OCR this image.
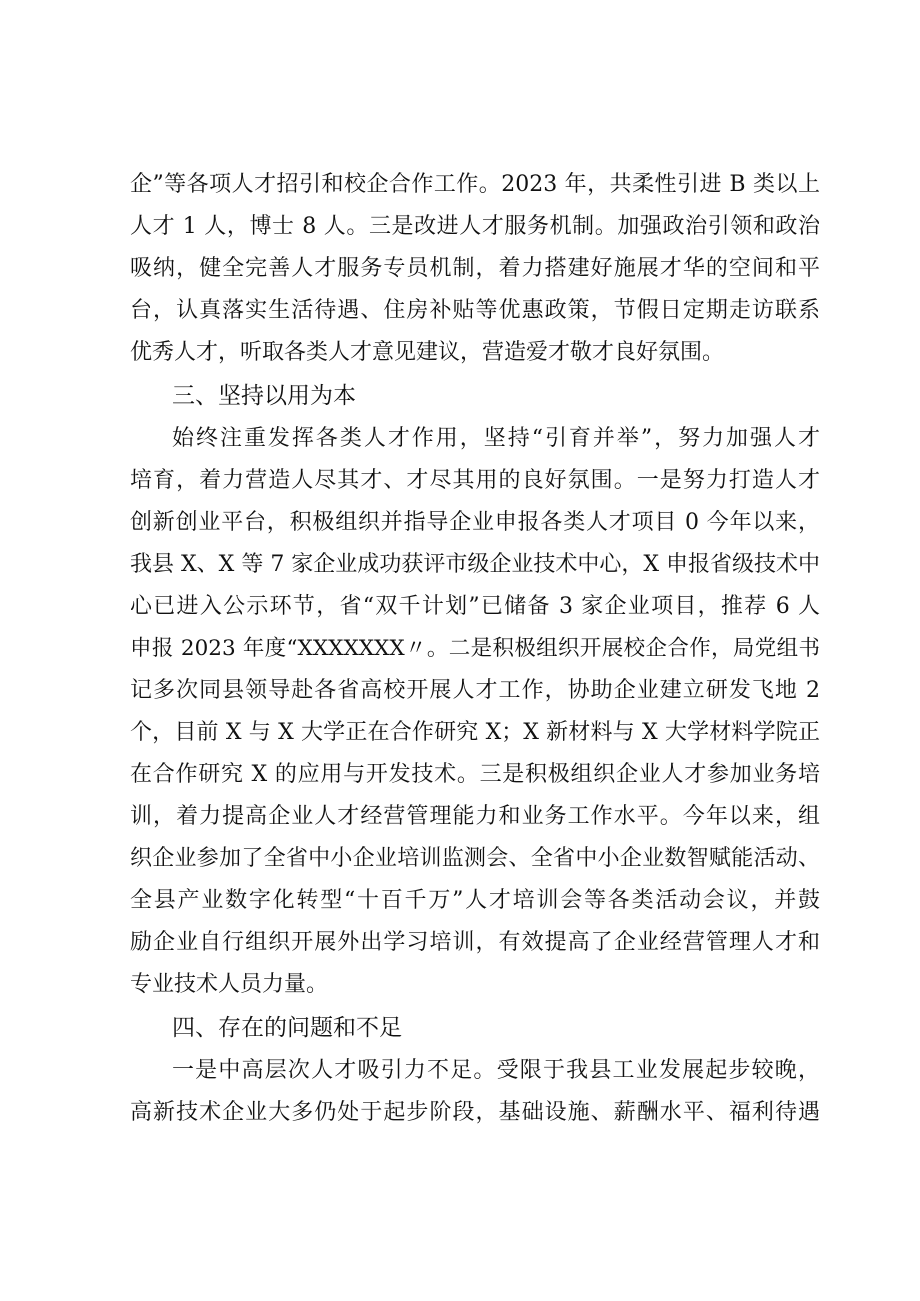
企”等各项人才招引和校企合作工作。2023 年，共柔性引进 B 类以上
人才 1 人，博士 8 人。三是改进人才服务机制。加强政治引领和政治
吸纳，健全完善人才服务专员机制，着力搭建好施展才华的空间和平
台，认真落实生活待遇、住房补贴等优惠政策，节假日定期走访联系
优秀人才，听取各类人才意见建议，营造爱才敬才良好氛围。
三、坚持以用为本
始终注重发挥各类人才作用，坚持“引育并举”，努力加强人才
培育，着力营造人尽其才、才尽其用的良好氛围。一是努力打造人才
创新创业平台，积极组织并指导企业申报各类人才项目 0 今年以来，
我县 X、X 等 7 家企业成功获评市级企业技术中心，X 申报省级技术中
心已进入公示环节，省“双千计划”已储备 3 家企业项目，推荐 6 人
申报 2023 年度“XXXXXXX〃。二是积极组织开展校企合作，局党组书
记多次同县领导赴各省高校开展人才工作，协助企业建立研发飞地 2
个，目前 X 与 X 大学正在合作研究 X；X 新材料与 X 大学材料学院正
在合作研究 X 的应用与开发技术。三是积极组织企业人才参加业务培
训，着力提高企业人才经营管理能力和业务工作水平。今年以来，组
织企业参加了全省中小企业培训监测会、全省中小企业数智赋能活动、
全县产业数字化转型“十百千万”人才培训会等各类活动会议，并鼓
励企业自行组织开展外出学习培训，有效提高了企业经营管理人才和
专业技术人员力量。
四、存在的问题和不足
一是中高层次人才吸引力不足。受限于我县工业发展起步较晚，
高新技术企业大多仍处于起步阶段，基础设施、薪酬水平、福利待遇
